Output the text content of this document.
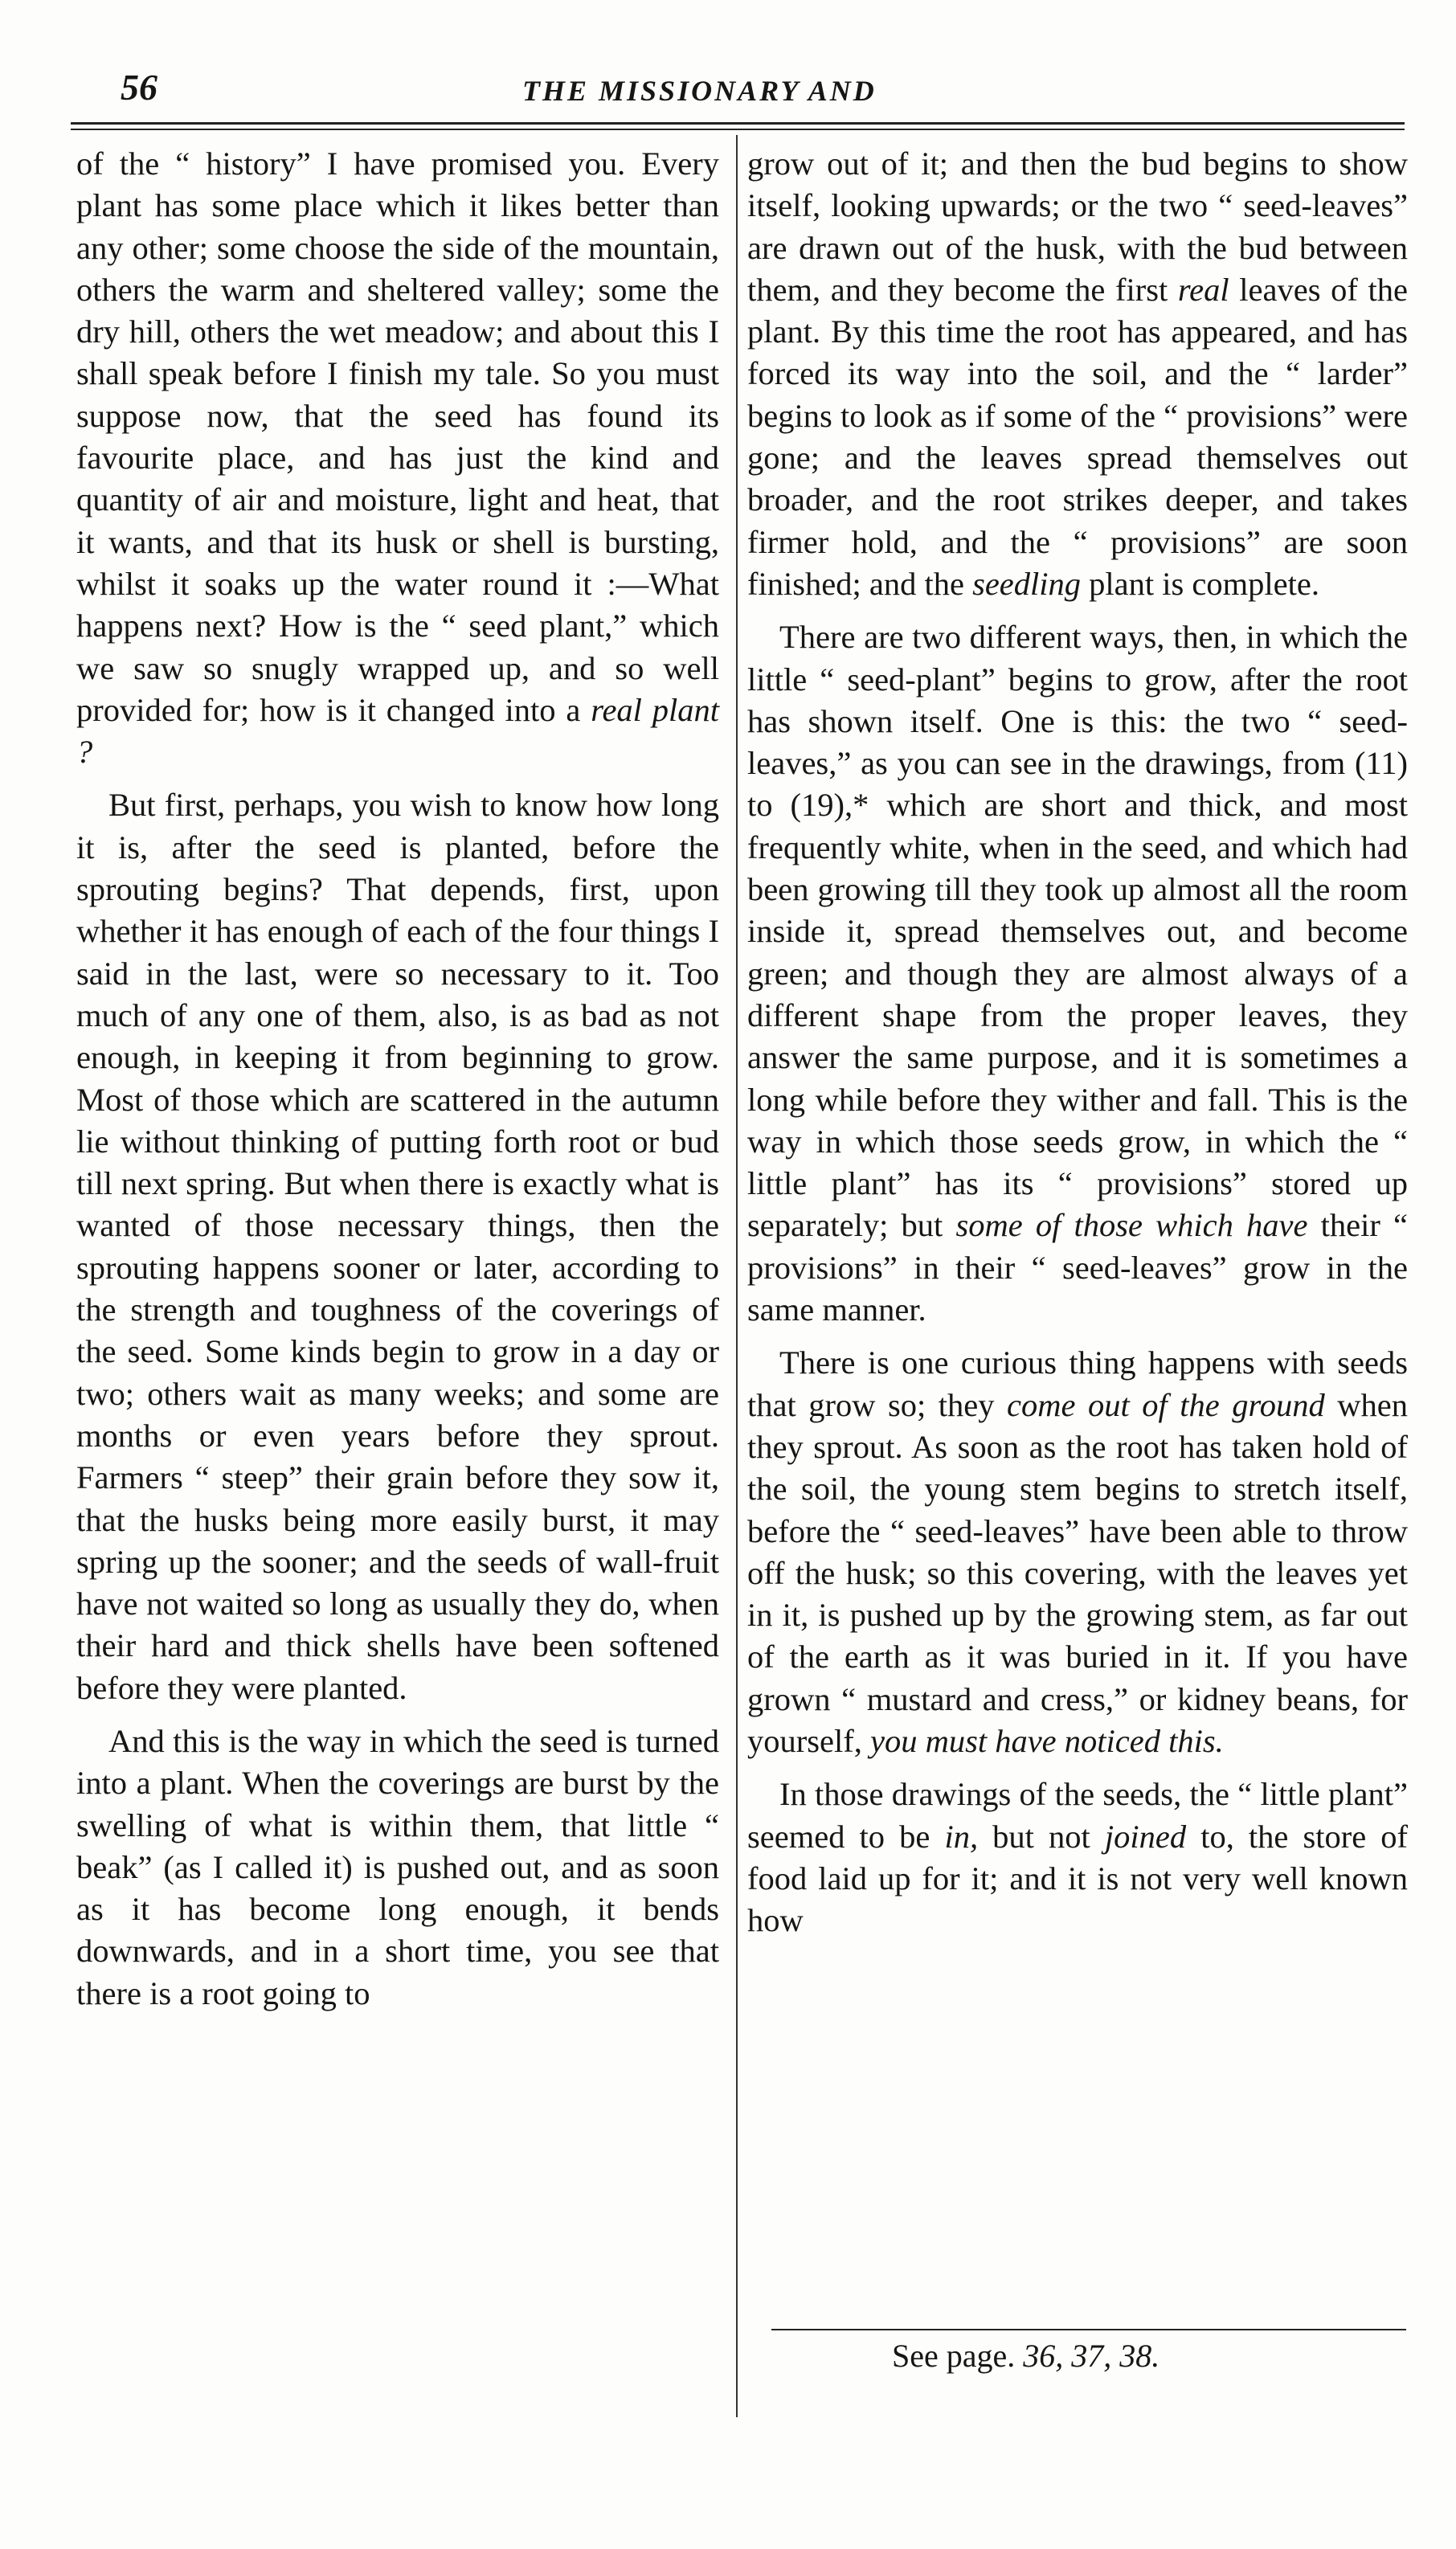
56	THE MISSIONARY AND

of the “ history” I have promised you. Every plant has some place which it likes better than any other; some choose the side of the mountain, others the warm and sheltered valley; some the dry hill, others the wet meadow; and about this I shall speak before I finish my tale. So you must suppose now, that the seed has found its favourite place, and has just the kind and quantity of air and moisture, light and heat, that it wants, and that its husk or shell is bursting, whilst it soaks up the water round it :—What happens next? How is the “ seed plant,” which we saw so snugly wrapped up, and so well provided for; how is it changed into a real plant ?

But first, perhaps, you wish to know how long it is, after the seed is planted, before the sprouting begins? That depends, first, upon whether it has enough of each of the four things I said in the last, were so necessary to it. Too much of any one of them, also, is as bad as not enough, in keeping it from beginning to grow. Most of those which are scattered in the autumn lie without thinking of putting forth root or bud till next spring. But when there is exactly what is wanted of those necessary things, then the sprouting happens sooner or later, according to the strength and toughness of the coverings of the seed. Some kinds begin to grow in a day or two; others wait as many weeks; and some are months or even years before they sprout. Farmers “ steep” their grain before they sow it, that the husks being more easily burst, it may spring up the sooner; and the seeds of wall-fruit have not waited so long as usually they do, when their hard and thick shells have been softened before they were planted.

And this is the way in which the seed is turned into a plant. When the coverings are burst by the swelling of what is within them, that little “ beak” (as I called it) is pushed out, and as soon as it has become long enough, it bends downwards, and in a short time, you see that there is a root going to

grow out of it; and then the bud begins to show itself, looking upwards; or the two “ seed-leaves” are drawn out of the husk, with the bud between them, and they become the first real leaves of the plant. By this time the root has appeared, and has forced its way into the soil, and the “ larder” begins to look as if some of the “ provisions” were gone; and the leaves spread themselves out broader, and the root strikes deeper, and takes firmer hold, and the “ provisions” are soon finished; and the seedling plant is complete.

There are two different ways, then, in which the little “ seed-plant” begins to grow, after the root has shown itself. One is this: the two “ seed-leaves,” as you can see in the drawings, from (11) to (19),* which are short and thick, and most frequently white, when in the seed, and which had been growing till they took up almost all the room inside it, spread themselves out, and become green; and though they are almost always of a different shape from the proper leaves, they answer the same purpose, and it is sometimes a long while before they wither and fall. This is the way in which those seeds grow, in which the “ little plant” has its “ provisions” stored up separately; but some of those which have their “ provisions” in their “ seed-leaves” grow in the same manner.

There is one curious thing happens with seeds that grow so; they come out of the ground when they sprout. As soon as the root has taken hold of the soil, the young stem begins to stretch itself, before the “ seed-leaves” have been able to throw off the husk; so this covering, with the leaves yet in it, is pushed up by the growing stem, as far out of the earth as it was buried in it. If you have grown “ mustard and cress,” or kidney beans, for yourself, you must have noticed this.

In those drawings of the seeds, the “ little plant” seemed to be in, but not joined to, the store of food laid up for it; and it is not very well known how

See page. 36, 37, 38.
